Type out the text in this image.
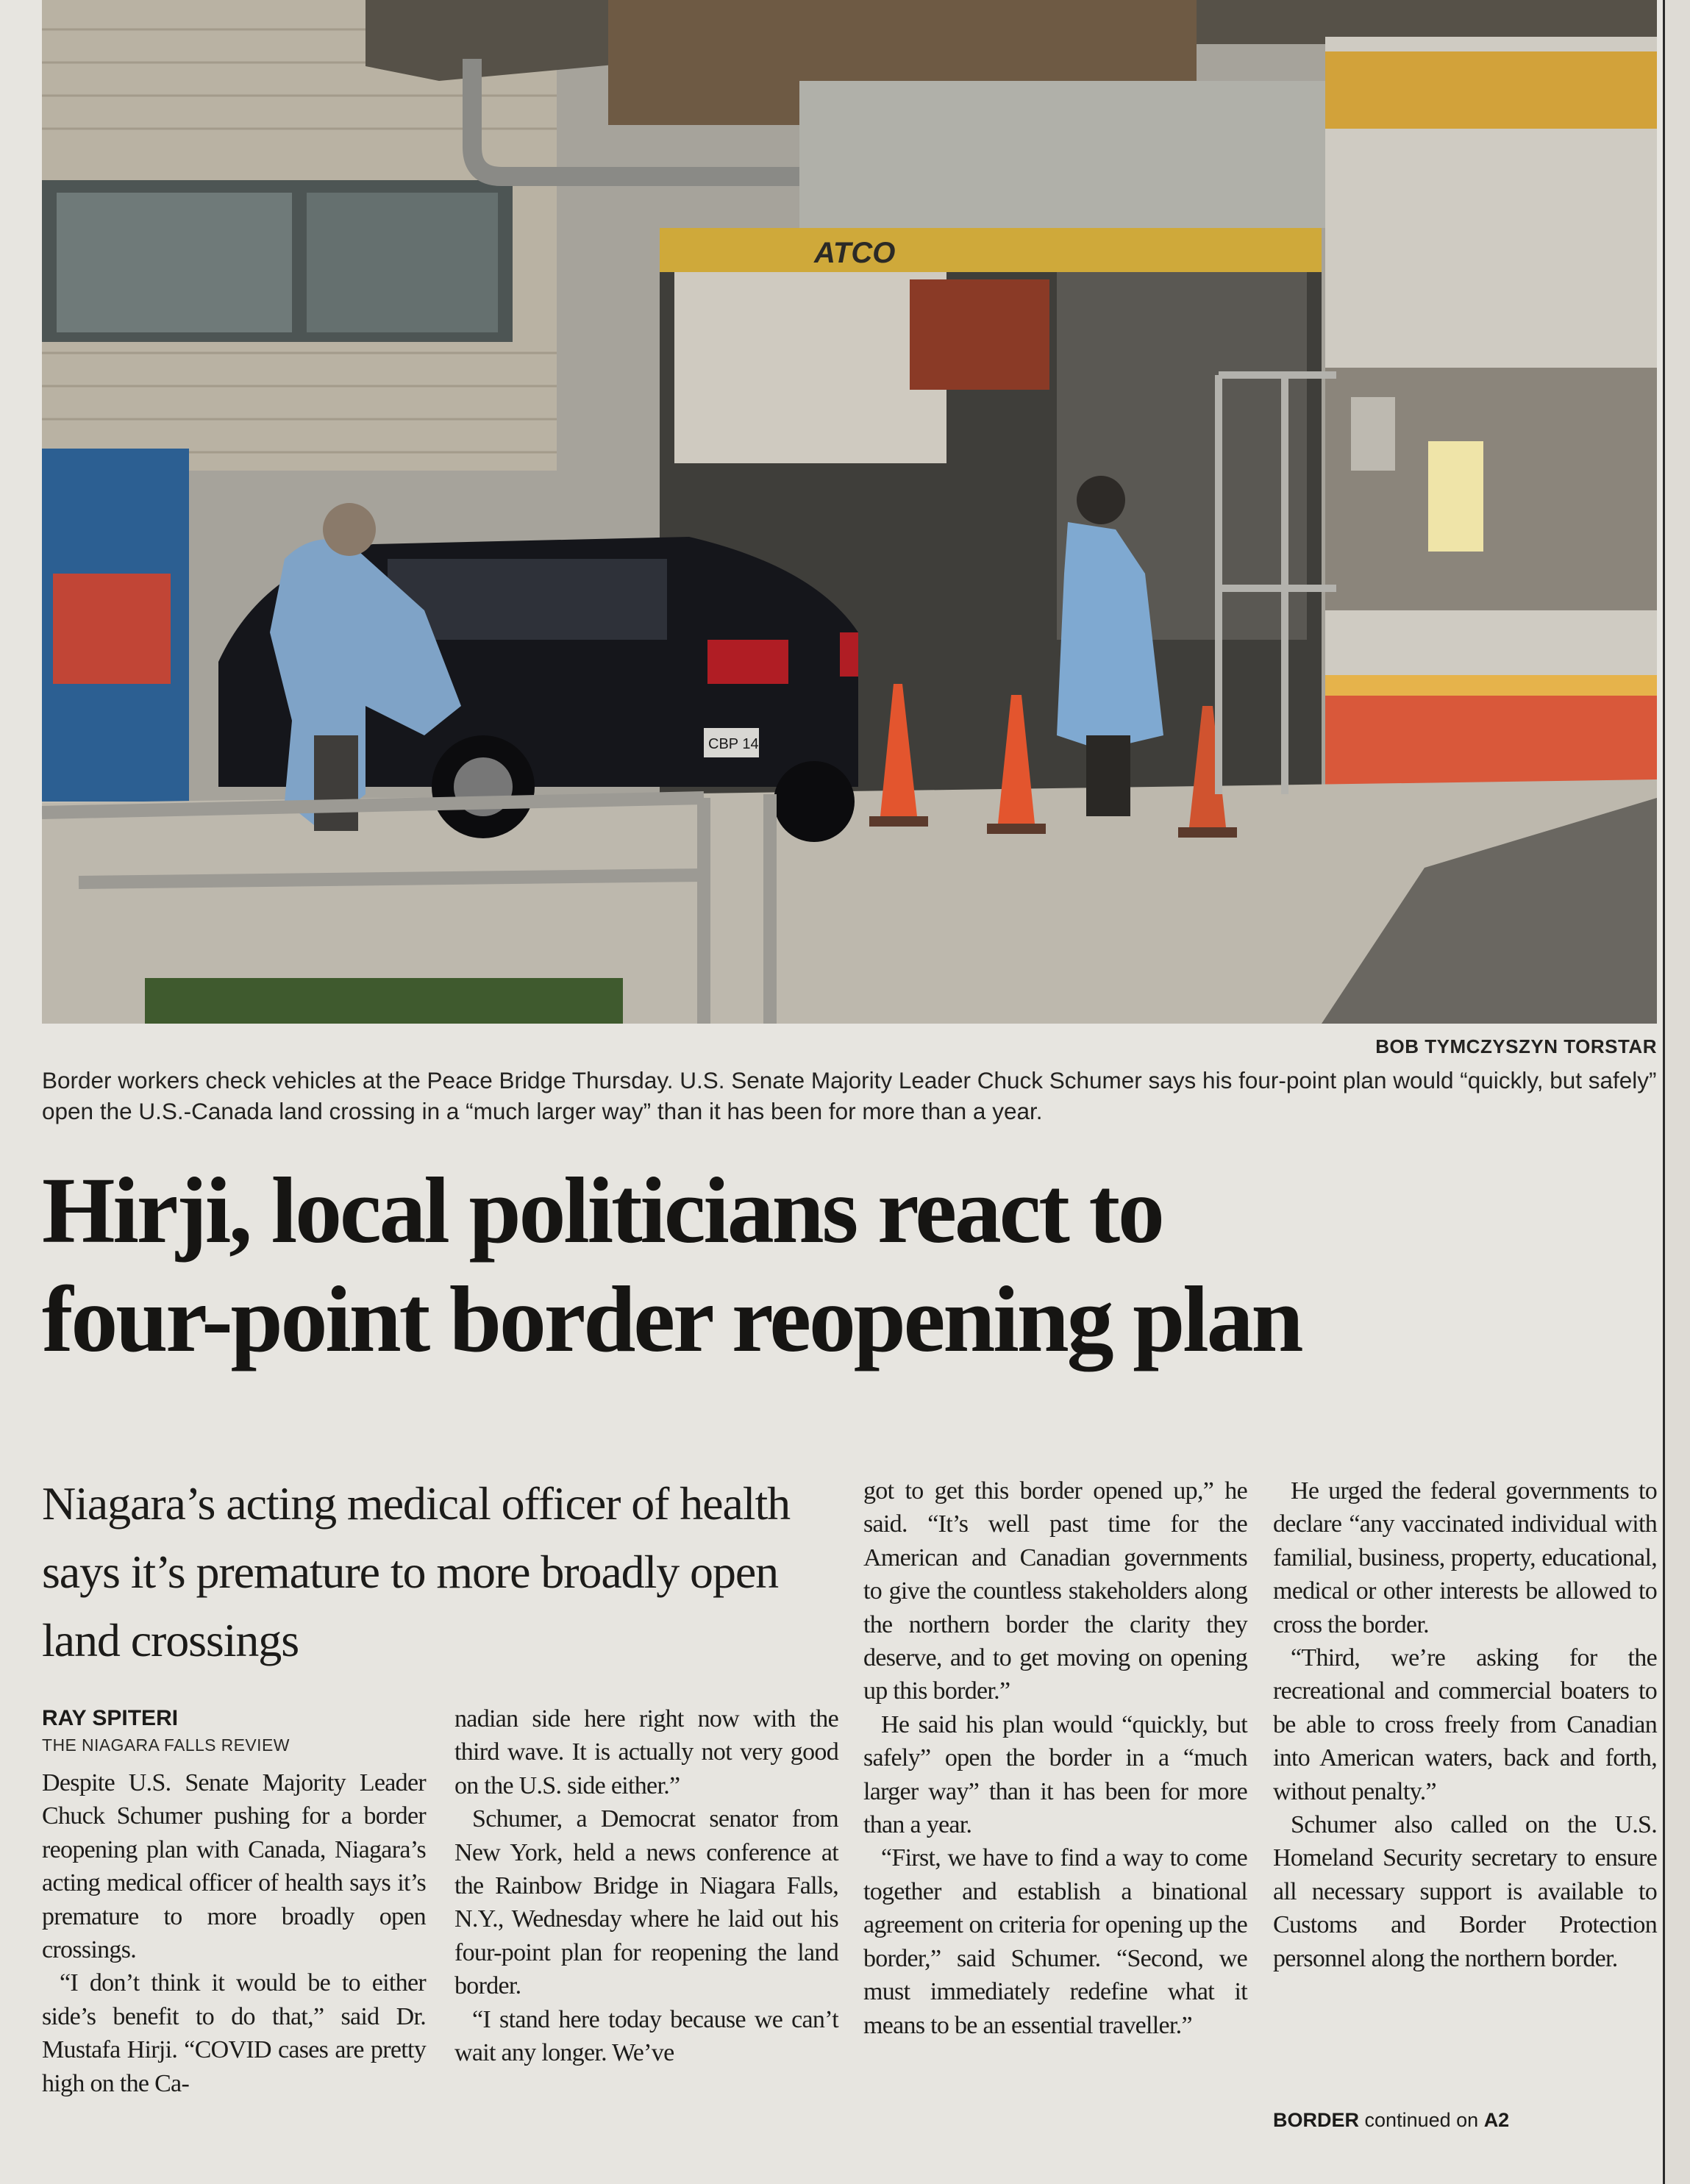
ATCO
CBP 14
BOB TYMCZYSZYN TORSTAR
Border workers check vehicles at the Peace Bridge Thursday. U.S. Senate Majority Leader Chuck Schumer says his four-point plan would “quickly, but safely” open the U.S.-Canada land crossing in a “much larger way” than it has been for more than a year.
Hirji, local politicians react to
four-point border reopening plan

Niagara’s acting medical officer of health says it’s premature to more broadly open land crossings

RAY SPITERI
THE NIAGARA FALLS REVIEW

Despite U.S. Senate Majority Leader Chuck Schumer pushing for a border reopening plan with Canada, Niagara’s acting medical officer of health says it’s premature to more broadly open crossings.

“I don’t think it would be to either side’s benefit to do that,” said Dr. Mustafa Hirji. “COVID cases are pretty high on the Ca-

nadian side here right now with the third wave. It is actually not very good on the U.S. side either.”

Schumer, a Democrat senator from New York, held a news conference at the Rainbow Bridge in Niagara Falls, N.Y., Wednesday where he laid out his four-point plan for reopening the land border.

“I stand here today because we can’t wait any longer. We’ve

got to get this border opened up,” he said. “It’s well past time for the American and Canadian governments to give the countless stakeholders along the northern border the clarity they deserve, and to get moving on opening up this border.”

He said his plan would “quickly, but safely” open the border in a “much larger way” than it has been for more than a year.

“First, we have to find a way to come together and establish a binational agreement on criteria for opening up the border,” said Schumer. “Second, we must immediately redefine what it means to be an essential traveller.”

He urged the federal governments to declare “any vaccinated individual with familial, business, property, educational, medical or other interests be allowed to cross the border.

“Third, we’re asking for the recreational and commercial boaters to be able to cross freely from Canadian into American waters, back and forth, without penalty.”

Schumer also called on the U.S. Homeland Security secretary to ensure all necessary support is available to Customs and Border Protection personnel along the northern border.

BORDER continued on A2
